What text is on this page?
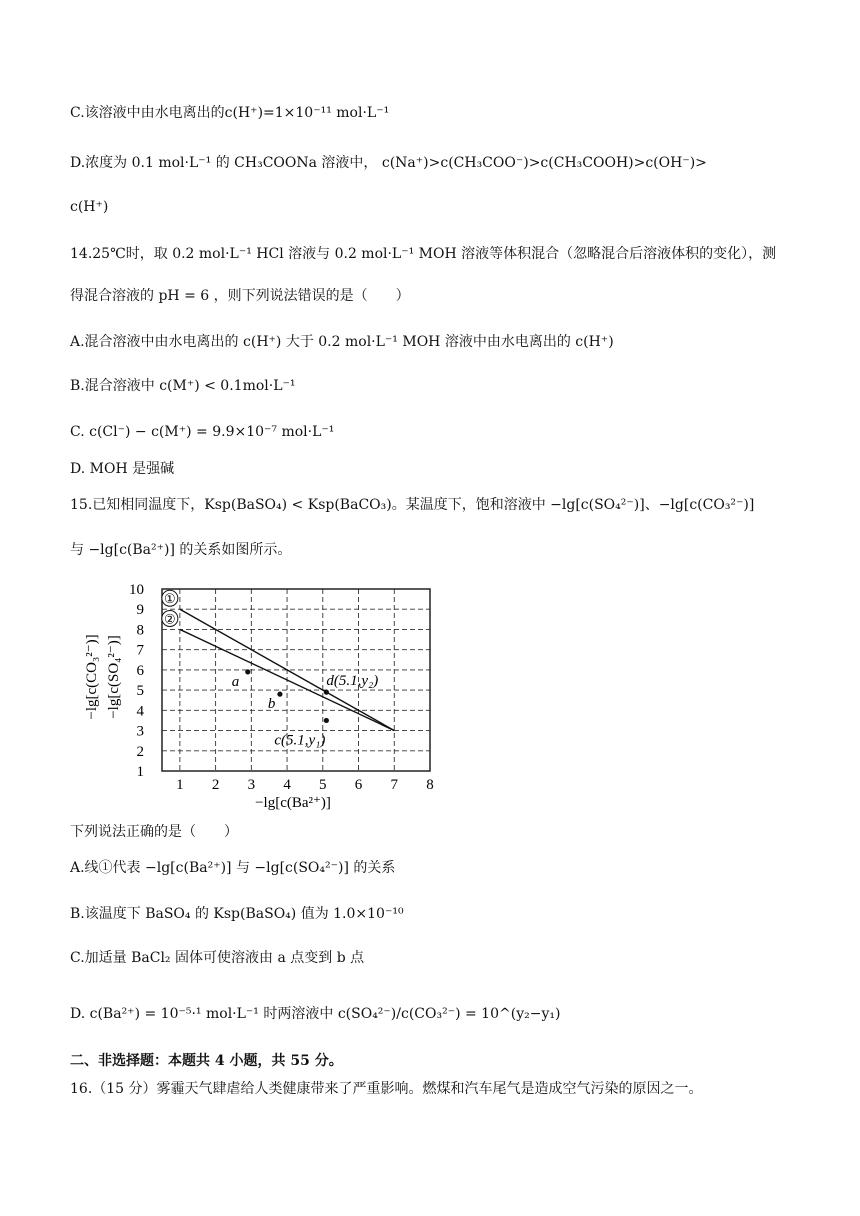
C.该溶液中由水电离出的c(H⁺)=1×10⁻¹¹ mol·L⁻¹
D.浓度为 0.1 mol·L⁻¹ 的 CH₃COONa 溶液中， c(Na⁺)>c(CH₃COO⁻)>c(CH₃COOH)>c(OH⁻)>
c(H⁺)
14.25℃时，取 0.2 mol·L⁻¹ HCl 溶液与 0.2 mol·L⁻¹ MOH 溶液等体积混合（忽略混合后溶液体积的变化），测
得混合溶液的 pH = 6 ，则下列说法错误的是（　　）
A.混合溶液中由水电离出的 c(H⁺) 大于 0.2 mol·L⁻¹ MOH 溶液中由水电离出的 c(H⁺)
B.混合溶液中 c(M⁺) < 0.1mol·L⁻¹
C. c(Cl⁻) − c(M⁺) = 9.9×10⁻⁷ mol·L⁻¹
D. MOH 是强碱
15.已知相同温度下，Ksp(BaSO₄) < Ksp(BaCO₃)。某温度下，饱和溶液中 −lg[c(SO₄²⁻)]、−lg[c(CO₃²⁻)]
与 −lg[c(Ba²⁺)] 的关系如图所示。
①
②
1 2 3 4 5 6 7 8
1
2
3
4
5
6
7
8
9
10
a
b
d(5.1,y₂)
c(5.1,y₁)
−lg[c(CO₃²⁻)] −lg[c(SO₄²⁻)]
−lg[c(Ba²⁺)]
下列说法正确的是（　　）
A.线①代表 −lg[c(Ba²⁺)] 与 −lg[c(SO₄²⁻)] 的关系
B.该温度下 BaSO₄ 的 Ksp(BaSO₄) 值为 1.0×10⁻¹⁰
C.加适量 BaCl₂ 固体可使溶液由 a 点变到 b 点
D. c(Ba²⁺) = 10⁻⁵·¹ mol·L⁻¹ 时两溶液中 c(SO₄²⁻)/c(CO₃²⁻) = 10^(y₂−y₁)
二、非选择题：本题共 4 小题，共 55 分。
16.（15 分）雾霾天气肆虐给人类健康带来了严重影响。燃煤和汽车尾气是造成空气污染的原因之一。
